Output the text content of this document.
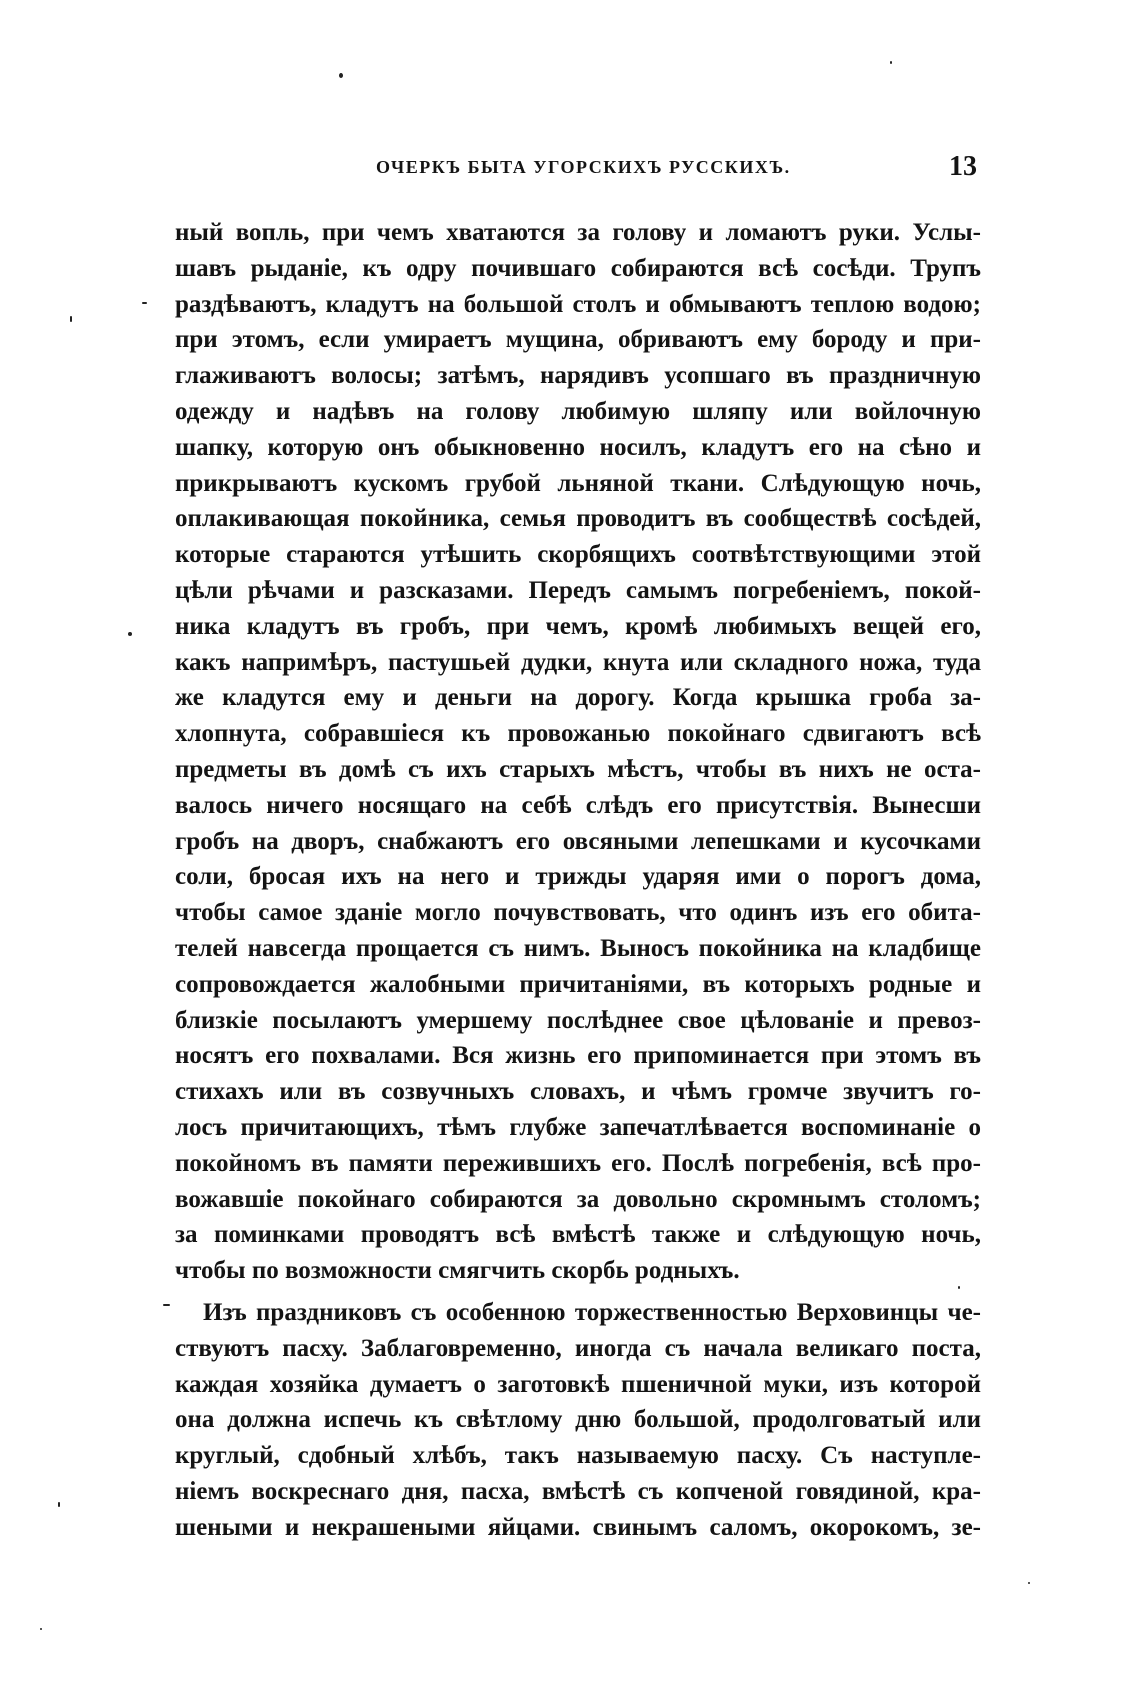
ОЧЕРКЪ БЫТА УГОРСКИХЪ РУССКИХЪ.	13
ный вопль, при чемъ хватаются за голову и ломаютъ руки. Услы-
шавъ рыданіе, къ одру почившаго собираются всѣ сосѣди. Трупъ
раздѣваютъ, кладутъ на большой столъ и обмываютъ теплою водою;
при этомъ, если умираетъ мущина, обриваютъ ему бороду и при-
глаживаютъ волосы; затѣмъ, нарядивъ усопшаго въ праздничную
одежду и надѣвъ на голову любимую шляпу или войлочную
шапку, которую онъ обыкновенно носилъ, кладутъ его на сѣно и
прикрываютъ кускомъ грубой льняной ткани. Слѣдующую ночь,
оплакивающая покойника, семья проводитъ въ сообществѣ сосѣдей,
которые стараются утѣшить скорбящихъ соотвѣтствующими этой
цѣли рѣчами и разсказами. Передъ самымъ погребеніемъ, покой-
ника кладутъ въ гробъ, при чемъ, кромѣ любимыхъ вещей его,
какъ напримѣръ, пастушьей дудки, кнута или складного ножа, туда
же кладутся ему и деньги на дорогу. Когда крышка гроба за-
хлопнута, собравшіеся къ провожанью покойнаго сдвигаютъ всѣ
предметы въ домѣ съ ихъ старыхъ мѣстъ, чтобы въ нихъ не оста-
валось ничего носящаго на себѣ слѣдъ его присутствія. Вынесши
гробъ на дворъ, снабжаютъ его овсяными лепешками и кусочками
соли, бросая ихъ на него и трижды ударяя ими о порогъ дома,
чтобы самое зданіе могло почувствовать, что одинъ изъ его обита-
телей навсегда прощается съ нимъ. Выносъ покойника на кладбище
сопровождается жалобными причитаніями, въ которыхъ родные и
близкіе посылаютъ умершему послѣднее свое цѣлованіе и превоз-
носятъ его похвалами. Вся жизнь его припоминается при этомъ въ
стихахъ или въ созвучныхъ словахъ, и чѣмъ громче звучитъ го-
лосъ причитающихъ, тѣмъ глубже запечатлѣвается воспоминаніе о
покойномъ въ памяти пережившихъ его. Послѣ погребенія, всѣ про-
вожавшіе покойнаго собираются за довольно скромнымъ столомъ;
за поминками проводятъ всѣ вмѣстѣ также и слѣдующую ночь,
чтобы по возможности смягчить скорбь родныхъ.
Изъ праздниковъ съ особенною торжественностью Верховинцы че-
ствуютъ пасху. Заблаговременно, иногда съ начала великаго поста,
каждая хозяйка думаетъ о заготовкѣ пшеничной муки, изъ которой
она должна испечь къ свѣтлому дню большой, продолговатый или
круглый, сдобный хлѣбъ, такъ называемую пасху. Съ наступле-
ніемъ воскреснаго дня, пасха, вмѣстѣ съ копченой говядиной, кра-
шеными и некрашеными яйцами. свинымъ саломъ, окорокомъ, зе-
